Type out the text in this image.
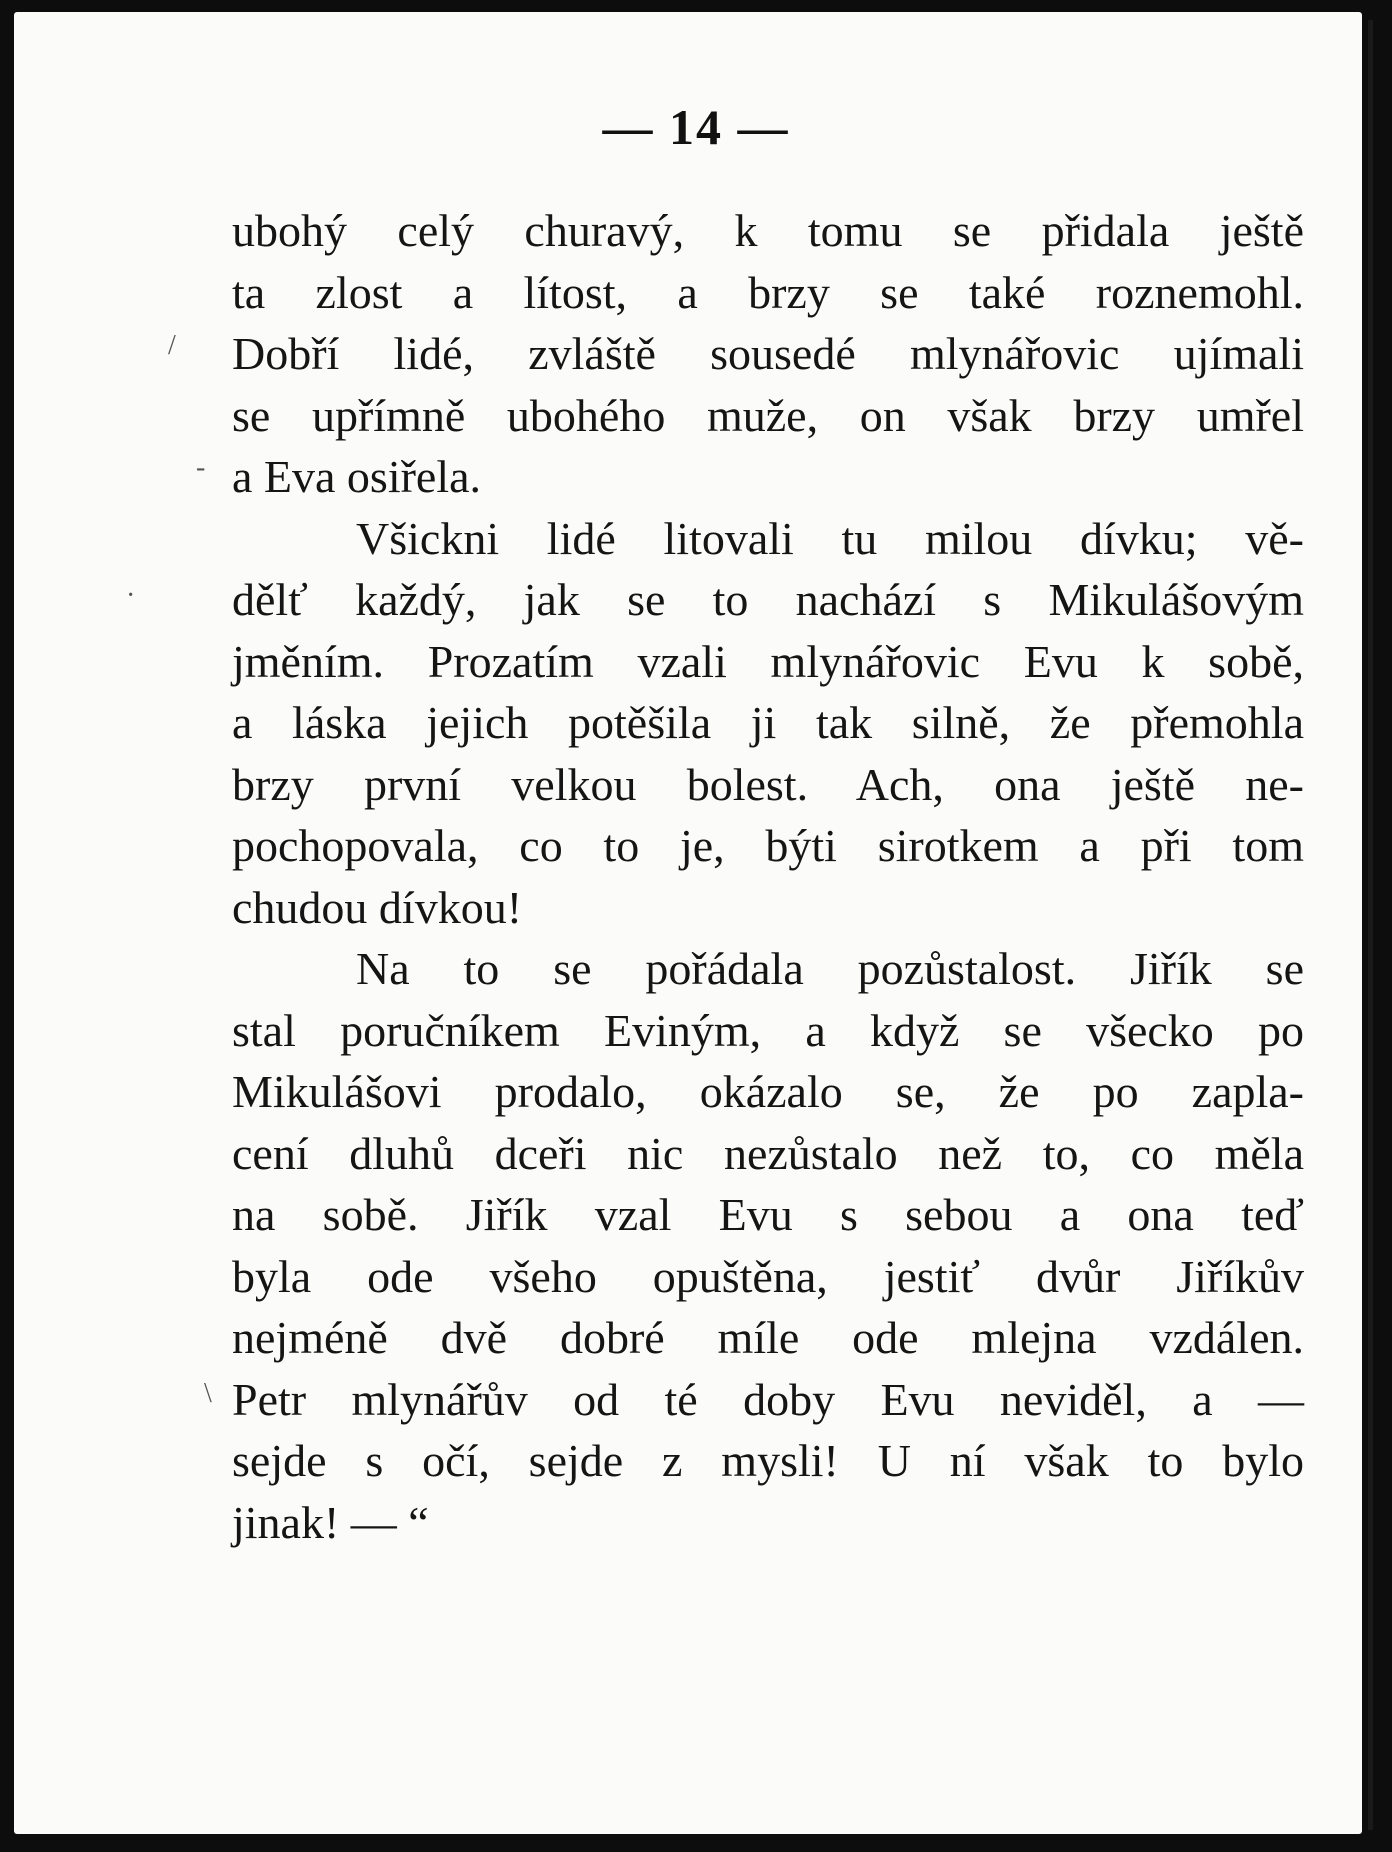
— 14 —
/
-
·
\
ubohý celý churavý, k tomu se přidala ještě
ta zlost a lítost, a brzy se také roznemohl.
Dobří lidé, zvláště sousedé mlynářovic ujímali
se upřímně ubohého muže, on však brzy umřel
a Eva osiřela.
Všickni lidé litovali tu milou dívku; vě-
dělť každý, jak se to nachází s Mikulášovým
jměním. Prozatím vzali mlynářovic Evu k sobě,
a láska jejich potěšila ji tak silně, že přemohla
brzy první velkou bolest. Ach, ona ještě ne-
pochopovala, co to je, býti sirotkem a při tom
chudou dívkou!
Na to se pořádala pozůstalost. Jiřík se
stal poručníkem Eviným, a když se všecko po
Mikulášovi prodalo, okázalo se, že po zapla-
cení dluhů dceři nic nezůstalo než to, co měla
na sobě. Jiřík vzal Evu s sebou a ona teď
byla ode všeho opuštěna, jestiť dvůr Jiříkův
nejméně dvě dobré míle ode mlejna vzdálen.
Petr mlynářův od té doby Evu neviděl, a —
sejde s očí, sejde z mysli! U ní však to bylo
jinak! — “
